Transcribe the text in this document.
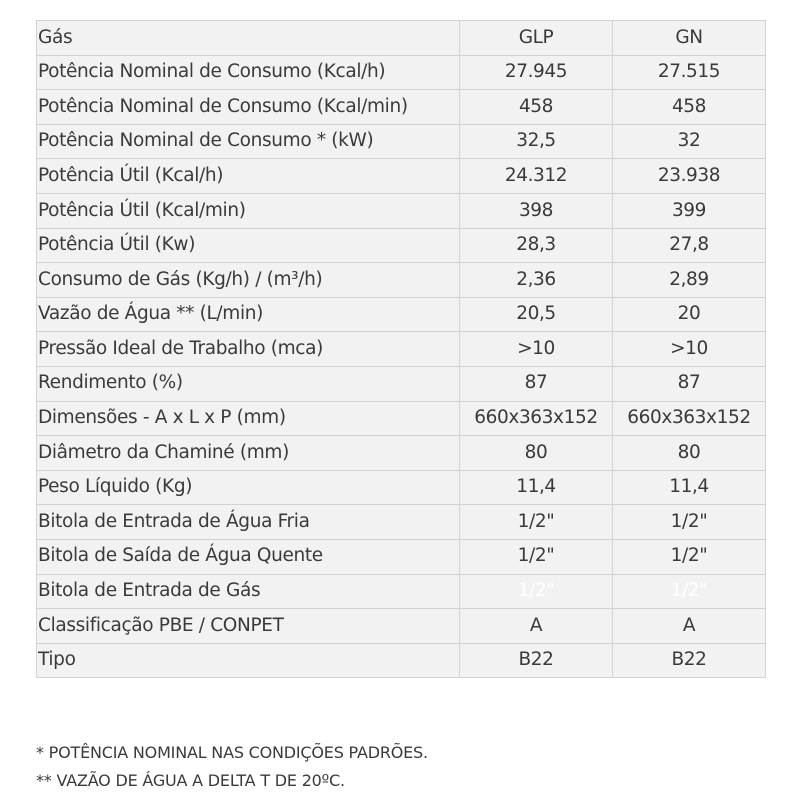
Gás	GLP	GN
Potência Nominal de Consumo (Kcal/h)	27.945	27.515
Potência Nominal de Consumo (Kcal/min)	458	458
Potência Nominal de Consumo * (kW)	32,5	32
Potência Útil (Kcal/h)	24.312	23.938
Potência Útil (Kcal/min)	398	399
Potência Útil (Kw)	28,3	27,8
Consumo de Gás (Kg/h) / (m³/h)	2,36	2,89
Vazão de Água ** (L/min)	20,5	20
Pressão Ideal de Trabalho (mca)	>10	>10
Rendimento (%)	87	87
Dimensões - A x L x P (mm)	660x363x152	660x363x152
Diâmetro da Chaminé (mm)	80	80
Peso Líquido (Kg)	11,4	11,4
Bitola de Entrada de Água Fria	1/2"	1/2"
Bitola de Saída de Água Quente	1/2"	1/2"
Bitola de Entrada de Gás	1/2"	1/2"
Classificação PBE / CONPET	A	A
Tipo	B22	B22
* POTÊNCIA NOMINAL NAS CONDIÇÕES PADRÕES.
** VAZÃO DE ÁGUA A DELTA T DE 20ºC.
